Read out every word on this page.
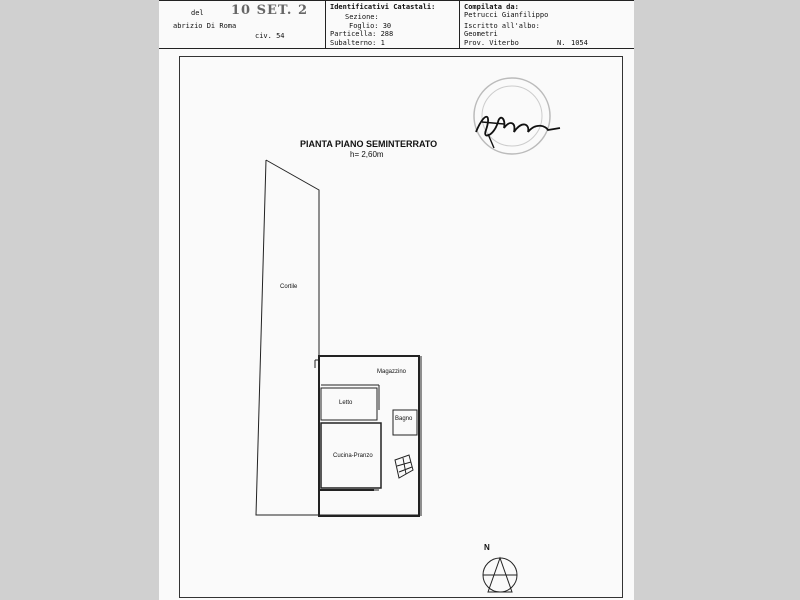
del 10 SET. 2
abrizio Di Roma
civ. 54
Identificativi Catastali:
Sezione:
Foglio: 30
Particella: 288
Subalterno: 1
Compilata da:
Petrucci Gianfilippo
Iscritto all'albo:
Geometri
Prov. Viterbo	N. 1054
PIANTA PIANO SEMINTERRATO
h= 2,60m
Cortile
Magazzino
Letto
Bagno
Cucina-Pranzo
N
